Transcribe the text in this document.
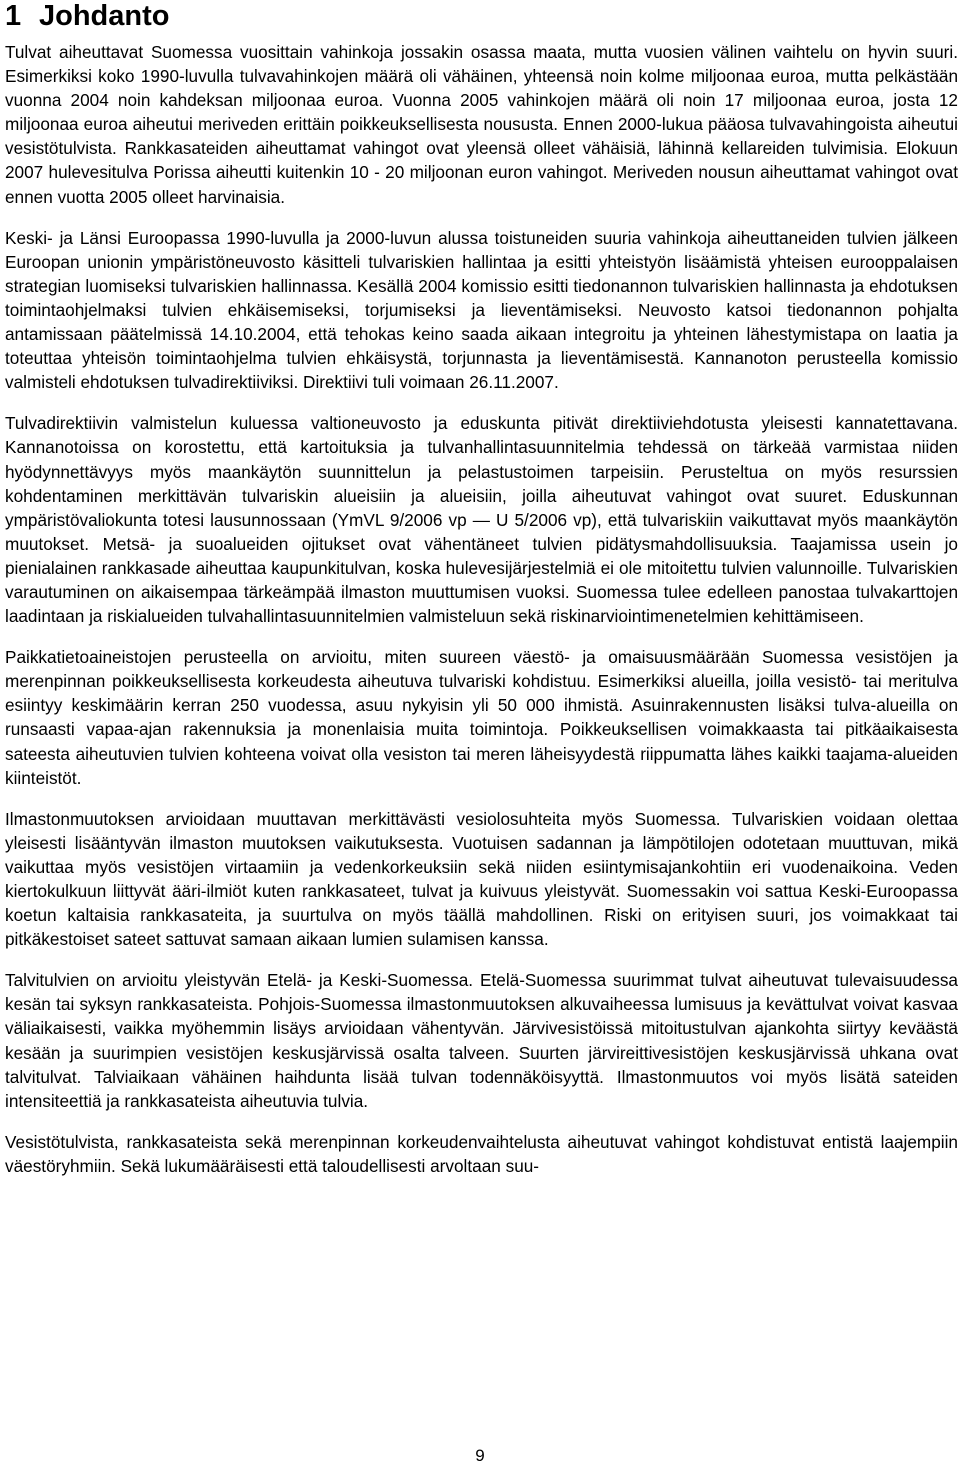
1 Johdanto

Tulvat aiheuttavat Suomessa vuosittain vahinkoja jossakin osassa maata, mutta vuosien välinen vaihtelu on hyvin suuri. Esimerkiksi koko 1990-luvulla tulvavahinkojen määrä oli vähäinen, yhteensä noin kolme miljoonaa euroa, mutta pelkästään vuonna 2004 noin kahdeksan miljoonaa euroa. Vuonna 2005 vahinkojen määrä oli noin 17 miljoonaa euroa, josta 12 miljoonaa euroa aiheutui meriveden erittäin poikkeuksellisesta noususta. Ennen 2000-lukua pääosa tulvavahingoista aiheutui vesistötulvista. Rankkasateiden aiheuttamat vahingot ovat yleensä olleet vähäisiä, lähinnä kellareiden tulvimisia. Elokuun 2007 hulevesitulva Porissa aiheutti kuitenkin 10 - 20 miljoonan euron vahingot. Meriveden nousun aiheuttamat vahingot ovat ennen vuotta 2005 olleet harvinaisia.

Keski- ja Länsi Euroopassa 1990-luvulla ja 2000-luvun alussa toistuneiden suuria vahinkoja aiheuttaneiden tulvien jälkeen Euroopan unionin ympäristöneuvosto käsitteli tulvariskien hallintaa ja esitti yhteistyön lisäämistä yhteisen eurooppalaisen strategian luomiseksi tulvariskien hallinnassa. Kesällä 2004 komissio esitti tiedonannon tulvariskien hallinnasta ja ehdotuksen toimintaohjelmaksi tulvien ehkäisemiseksi, torjumiseksi ja lieventämiseksi. Neuvosto katsoi tiedonannon pohjalta antamissaan päätelmissä 14.10.2004, että tehokas keino saada aikaan integroitu ja yhteinen lähestymistapa on laatia ja toteuttaa yhteisön toimintaohjelma tulvien ehkäisystä, torjunnasta ja lieventämisestä. Kannanoton perusteella komissio valmisteli ehdotuksen tulvadirektiiviksi. Direktiivi tuli voimaan 26.11.2007.

Tulvadirektiivin valmistelun kuluessa valtioneuvosto ja eduskunta pitivät direktiiviehdotusta yleisesti kannatettavana. Kannanotoissa on korostettu, että kartoituksia ja tulvanhallintasuunnitelmia tehdessä on tärkeää varmistaa niiden hyödynnettävyys myös maankäytön suunnittelun ja pelastustoimen tarpeisiin. Perusteltua on myös resurssien kohdentaminen merkittävän tulvariskin alueisiin ja alueisiin, joilla aiheutuvat vahingot ovat suuret. Eduskunnan ympäristövaliokunta totesi lausunnossaan (YmVL 9/2006 vp — U 5/2006 vp), että tulvariskiin vaikuttavat myös maankäytön muutokset. Metsä- ja suoalueiden ojitukset ovat vähentäneet tulvien pidätysmahdollisuuksia. Taajamissa usein jo pienialainen rankkasade aiheuttaa kaupunkitulvan, koska hulevesijärjestelmiä ei ole mitoitettu tulvien valunnoille. Tulvariskien varautuminen on aikaisempaa tärkeämpää ilmaston muuttumisen vuoksi. Suomessa tulee edelleen panostaa tulvakarttojen laadintaan ja riskialueiden tulvahallintasuunnitelmien valmisteluun sekä riskinarviointimenetelmien kehittämiseen.

Paikkatietoaineistojen perusteella on arvioitu, miten suureen väestö- ja omaisuusmäärään Suomessa vesistöjen ja merenpinnan poikkeuksellisesta korkeudesta aiheutuva tulvariski kohdistuu. Esimerkiksi alueilla, joilla vesistö- tai meritulva esiintyy keskimäärin kerran 250 vuodessa, asuu nykyisin yli 50 000 ihmistä. Asuinrakennusten lisäksi tulva-alueilla on runsaasti vapaa-ajan rakennuksia ja monenlaisia muita toimintoja. Poikkeuksellisen voimakkaasta tai pitkäaikaisesta sateesta aiheutuvien tulvien kohteena voivat olla vesiston tai meren läheisyydestä riippumatta lähes kaikki taajama-alueiden kiinteistöt.

Ilmastonmuutoksen arvioidaan muuttavan merkittävästi vesiolosuhteita myös Suomessa. Tulvariskien voidaan olettaa yleisesti lisääntyvän ilmaston muutoksen vaikutuksesta. Vuotuisen sadannan ja lämpötilojen odotetaan muuttuvan, mikä vaikuttaa myös vesistöjen virtaamiin ja vedenkorkeuksiin sekä niiden esiintymisajankohtiin eri vuodenaikoina. Veden kiertokulkuun liittyvät ääri-ilmiöt kuten rankkasateet, tulvat ja kuivuus yleistyvät. Suomessakin voi sattua Keski-Euroopassa koetun kaltaisia rankkasateita, ja suurtulva on myös täällä mahdollinen. Riski on erityisen suuri, jos voimakkaat tai pitkäkestoiset sateet sattuvat samaan aikaan lumien sulamisen kanssa.

Talvitulvien on arvioitu yleistyvän Etelä- ja Keski-Suomessa. Etelä-Suomessa suurimmat tulvat aiheutuvat tulevaisuudessa kesän tai syksyn rankkasateista. Pohjois-Suomessa ilmastonmuutoksen alkuvaiheessa lumisuus ja kevättulvat voivat kasvaa väliaikaisesti, vaikka myöhemmin lisäys arvioidaan vähentyvän. Järvivesistöissä mitoitustulvan ajankohta siirtyy keväästä kesään ja suurimpien vesistöjen keskusjärvissä osalta talveen. Suurten järvireittivesistöjen keskusjärvissä uhkana ovat talvitulvat. Talviaikaan vähäinen haihdunta lisää tulvan todennäköisyyttä. Ilmastonmuutos voi myös lisätä sateiden intensiteettiä ja rankkasateista aiheutuvia tulvia.

Vesistötulvista, rankkasateista sekä merenpinnan korkeudenvaihtelusta aiheutuvat vahingot kohdistuvat entistä laajempiin väestöryhmiin. Sekä lukumääräisesti että taloudellisesti arvoltaan suu-

9
